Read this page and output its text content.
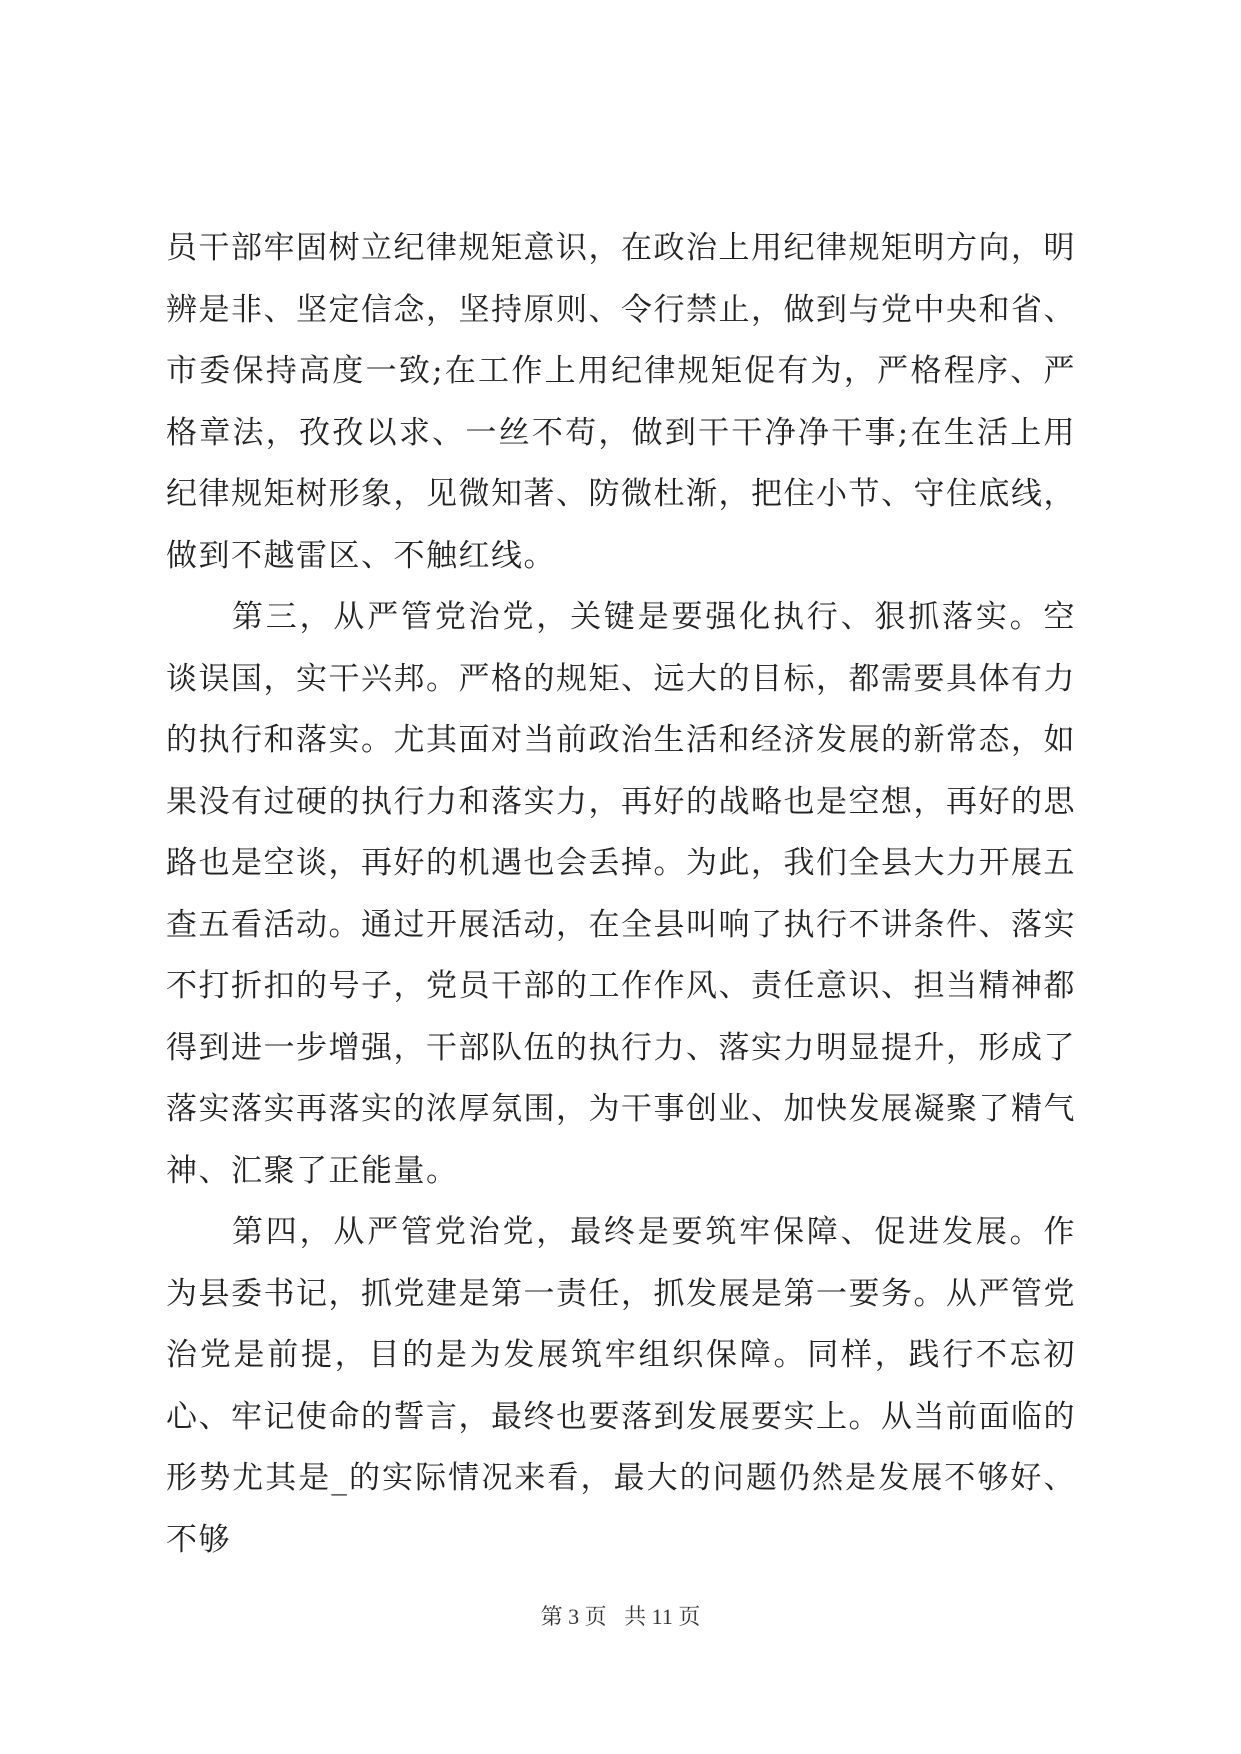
员干部牢固树立纪律规矩意识，在政治上用纪律规矩明方向，明辨是非、坚定信念，坚持原则、令行禁止，做到与党中央和省、市委保持高度一致;在工作上用纪律规矩促有为，严格程序、严格章法，孜孜以求、一丝不苟，做到干干净净干事;在生活上用纪律规矩树形象，见微知著、防微杜渐，把住小节、守住底线，做到不越雷区、不触红线。

第三，从严管党治党，关键是要强化执行、狠抓落实。空谈误国，实干兴邦。严格的规矩、远大的目标，都需要具体有力的执行和落实。尤其面对当前政治生活和经济发展的新常态，如果没有过硬的执行力和落实力，再好的战略也是空想，再好的思路也是空谈，再好的机遇也会丢掉。为此，我们全县大力开展五查五看活动。通过开展活动，在全县叫响了执行不讲条件、落实不打折扣的号子，党员干部的工作作风、责任意识、担当精神都得到进一步增强，干部队伍的执行力、落实力明显提升，形成了落实落实再落实的浓厚氛围，为干事创业、加快发展凝聚了精气神、汇聚了正能量。

第四，从严管党治党，最终是要筑牢保障、促进发展。作为县委书记，抓党建是第一责任，抓发展是第一要务。从严管党治党是前提，目的是为发展筑牢组织保障。同样，践行不忘初心、牢记使命的誓言，最终也要落到发展要实上。从当前面临的形势尤其是_的实际情况来看，最大的问题仍然是发展不够好、不够

第 3 页 共 11 页
